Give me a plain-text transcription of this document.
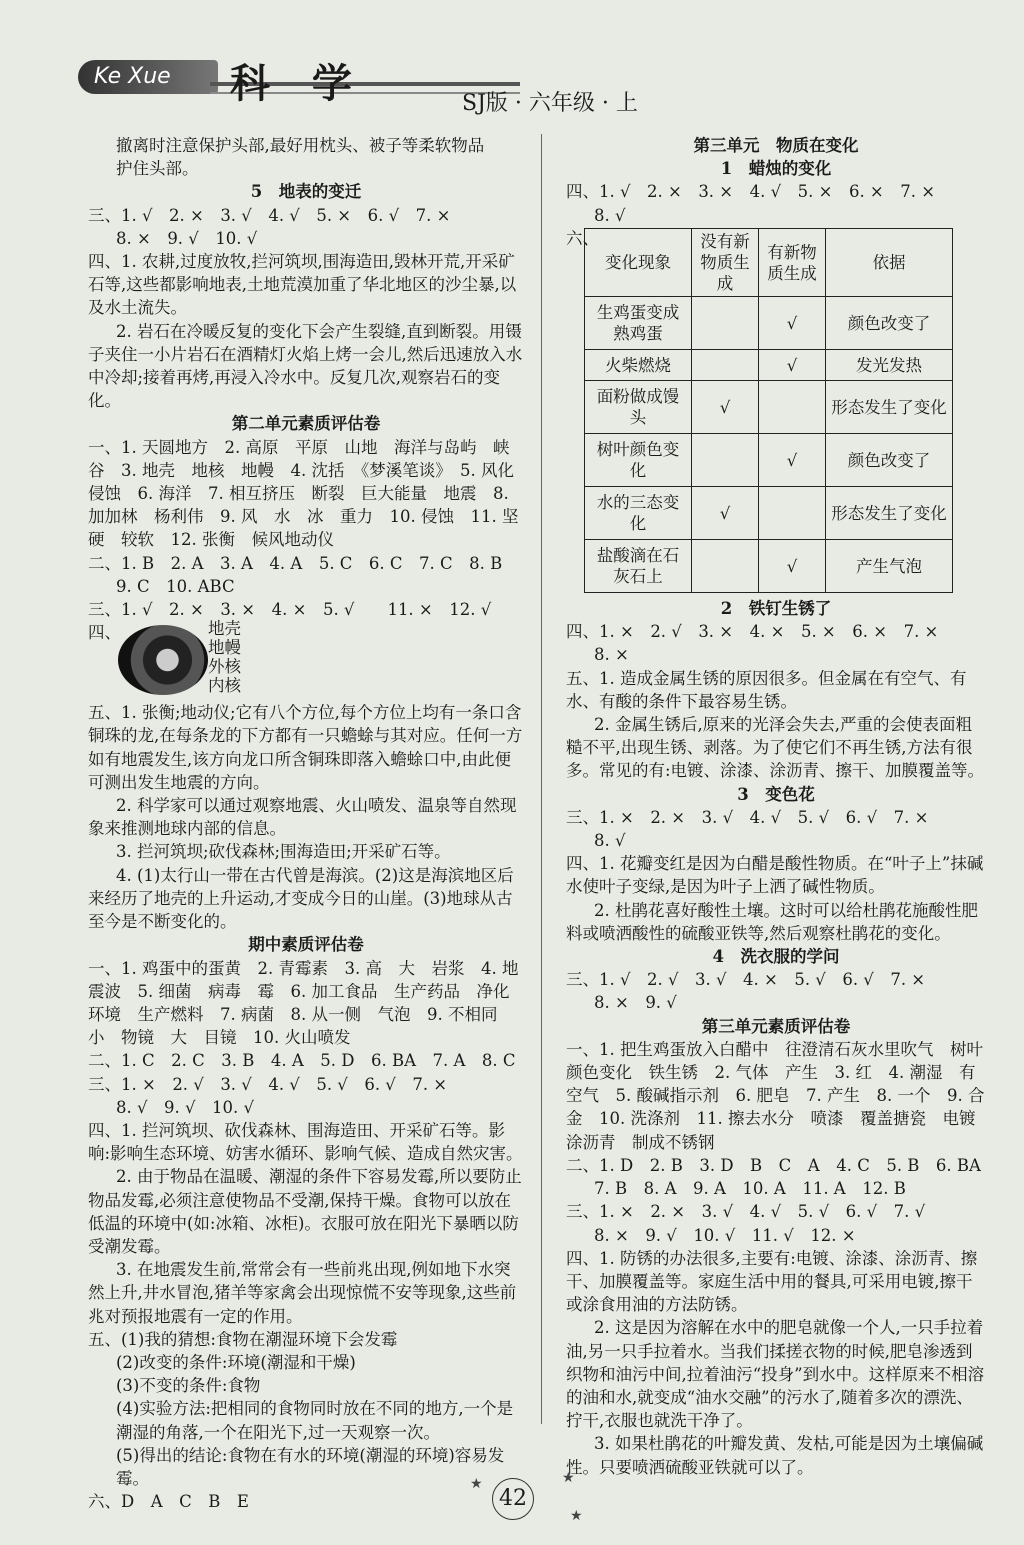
Ke Xue	科 学	SJ版 · 六年级 · 上
撤离时注意保护头部,最好用枕头、被子等柔软物品
护住头部。
5　地表的变迁
三、1. √　2. ×　3. √　4. √　5. ×　6. √　7. ×
8. ×　9. √　10. √
四、1. 农耕,过度放牧,拦河筑坝,围海造田,毁林开荒,开采矿石等,这些都影响地表,土地荒漠加重了华北地区的沙尘暴,以及水土流失。
2. 岩石在冷暖反复的变化下会产生裂缝,直到断裂。用镊子夹住一小片岩石在酒精灯火焰上烤一会儿,然后迅速放入水中冷却;接着再烤,再浸入冷水中。反复几次,观察岩石的变化。
第二单元素质评估卷
一、1. 天圆地方　2. 高原　平原　山地　海洋与岛屿　峡谷　3. 地壳　地核　地幔　4. 沈括　《梦溪笔谈》　5. 风化　侵蚀　6. 海洋　7. 相互挤压　断裂　巨大能量　地震　8. 加加林　杨利伟　9. 风　水　冰　重力　10. 侵蚀　11. 坚硬　较软　12. 张衡　候风地动仪
二、1. B　2. A　3. A　4. A　5. C　6. C　7. C　8. B
9. C　10. ABC
三、1. √　2. ×　3. ×　4. ×　5. √　　11. ×　12. √
四、	地壳
地幔
外核
内核
五、1. 张衡;地动仪;它有八个方位,每个方位上均有一条口含铜珠的龙,在每条龙的下方都有一只蟾蜍与其对应。任何一方如有地震发生,该方向龙口所含铜珠即落入蟾蜍口中,由此便可测出发生地震的方向。
2. 科学家可以通过观察地震、火山喷发、温泉等自然现象来推测地球内部的信息。
3. 拦河筑坝;砍伐森林;围海造田;开采矿石等。
4. (1)太行山一带在古代曾是海滨。(2)这是海滨地区后来经历了地壳的上升运动,才变成今日的山崖。(3)地球从古至今是不断变化的。
期中素质评估卷
一、1. 鸡蛋中的蛋黄　2. 青霉素　3. 高　大　岩浆　4. 地震波　5. 细菌　病毒　霉　6. 加工食品　生产药品　净化环境　生产燃料　7. 病菌　8. 从一侧　气泡　9. 不相同　小　物镜　大　目镜　10. 火山喷发
二、1. C　2. C　3. B　4. A　5. D　6. BA　7. A　8. C
三、1. ×　2. √　3. √　4. √　5. √　6. √　7. ×
8. √　9. √　10. √
四、1. 拦河筑坝、砍伐森林、围海造田、开采矿石等。影响:影响生态环境、妨害水循环、影响气候、造成自然灾害。
2. 由于物品在温暖、潮湿的条件下容易发霉,所以要防止物品发霉,必须注意使物品不受潮,保持干燥。食物可以放在低温的环境中(如:冰箱、冰柜)。衣服可放在阳光下暴晒以防受潮发霉。
3. 在地震发生前,常常会有一些前兆出现,例如地下水突然上升,井水冒泡,猪羊等家禽会出现惊慌不安等现象,这些前兆对预报地震有一定的作用。
五、(1)我的猜想:食物在潮湿环境下会发霉
(2)改变的条件:环境(潮湿和干燥)
(3)不变的条件:食物
(4)实验方法:把相同的食物同时放在不同的地方,一个是潮湿的角落,一个在阳光下,过一天观察一次。
(5)得出的结论:食物在有水的环境(潮湿的环境)容易发霉。
六、D　A　C　B　E
第三单元　物质在变化
1　蜡烛的变化
四、1. √　2. ×　3. ×　4. √　5. ×　6. ×　7. ×
8. √
六、
变化现象	没有新物质生成	有新物质生成	依据
生鸡蛋变成熟鸡蛋		√	颜色改变了
火柴燃烧		√	发光发热
面粉做成馒头	√		形态发生了变化
树叶颜色变化		√	颜色改变了
水的三态变化	√		形态发生了变化
盐酸滴在石灰石上		√	产生气泡
2　铁钉生锈了
四、1. ×　2. √　3. ×　4. ×　5. ×　6. ×　7. ×
8. ×
五、1. 造成金属生锈的原因很多。但金属在有空气、有水、有酸的条件下最容易生锈。
2. 金属生锈后,原来的光泽会失去,严重的会使表面粗糙不平,出现生锈、剥落。为了使它们不再生锈,方法有很多。常见的有:电镀、涂漆、涂沥青、擦干、加膜覆盖等。
3　变色花
三、1. ×　2. ×　3. √　4. √　5. √　6. √　7. ×
8. √
四、1. 花瓣变红是因为白醋是酸性物质。在“叶子上”抹碱水使叶子变绿,是因为叶子上洒了碱性物质。
2. 杜鹃花喜好酸性土壤。这时可以给杜鹃花施酸性肥料或喷洒酸性的硫酸亚铁等,然后观察杜鹃花的变化。
4　洗衣服的学问
三、1. √　2. √　3. √　4. ×　5. √　6. √　7. ×
8. ×　9. √
第三单元素质评估卷
一、1. 把生鸡蛋放入白醋中　往澄清石灰水里吹气　树叶颜色变化　铁生锈　2. 气体　产生　3. 红　4. 潮湿　有空气　5. 酸碱指示剂　6. 肥皂　7. 产生　8. 一个　9. 合金　10. 洗涤剂　11. 擦去水分　喷漆　覆盖搪瓷　电镀　涂沥青　制成不锈钢
二、1. D　2. B　3. D　B　C　A　4. C　5. B　6. BA
7. B　8. A　9. A　10. A　11. A　12. B
三、1. ×　2. ×　3. √　4. √　5. √　6. √　7. √
8. ×　9. √　10. √　11. √　12. ×
四、1. 防锈的办法很多,主要有:电镀、涂漆、涂沥青、擦干、加膜覆盖等。家庭生活中用的餐具,可采用电镀,擦干或涂食用油的方法防锈。
2. 这是因为溶解在水中的肥皂就像一个人,一只手拉着油,另一只手拉着水。当我们揉搓衣物的时候,肥皂渗透到织物和油污中间,拉着油污“投身”到水中。这样原来不相溶的油和水,就变成“油水交融”的污水了,随着多次的漂洗、拧干,衣服也就洗干净了。
3. 如果杜鹃花的叶瓣发黄、发枯,可能是因为土壤偏碱性。只要喷洒硫酸亚铁就可以了。
★	★
★
42
